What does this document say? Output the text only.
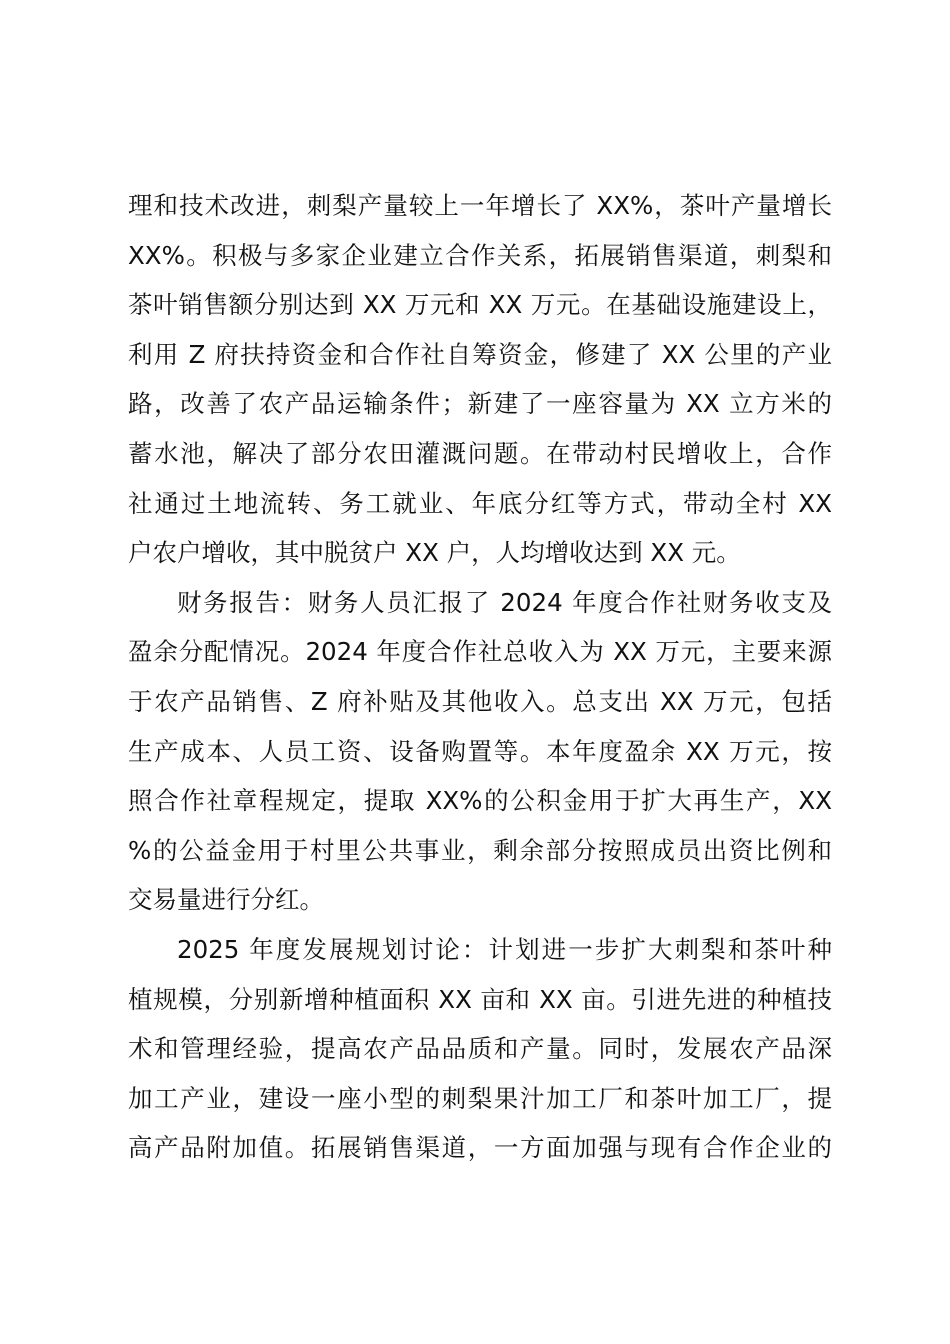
理和技术改进，刺梨产量较上一年增长了 XX%，茶叶产量增长
XX%。积极与多家企业建立合作关系，拓展销售渠道，刺梨和
茶叶销售额分别达到 XX 万元和 XX 万元。在基础设施建设上，
利用 Z 府扶持资金和合作社自筹资金，修建了 XX 公里的产业
路，改善了农产品运输条件；新建了一座容量为 XX 立方米的
蓄水池，解决了部分农田灌溉问题。在带动村民增收上，合作
社通过土地流转、务工就业、年底分红等方式，带动全村 XX
户农户增收，其中脱贫户 XX 户，人均增收达到 XX 元。

财务报告：财务人员汇报了 2024 年度合作社财务收支及
盈余分配情况。2024 年度合作社总收入为 XX 万元，主要来源
于农产品销售、Z 府补贴及其他收入。总支出 XX 万元，包括
生产成本、人员工资、设备购置等。本年度盈余 XX 万元，按
照合作社章程规定，提取 XX%的公积金用于扩大再生产，XX
%的公益金用于村里公共事业，剩余部分按照成员出资比例和
交易量进行分红。

2025 年度发展规划讨论：计划进一步扩大刺梨和茶叶种
植规模，分别新增种植面积 XX 亩和 XX 亩。引进先进的种植技
术和管理经验，提高农产品品质和产量。同时，发展农产品深
加工产业，建设一座小型的刺梨果汁加工厂和茶叶加工厂，提
高产品附加值。拓展销售渠道，一方面加强与现有合作企业的
